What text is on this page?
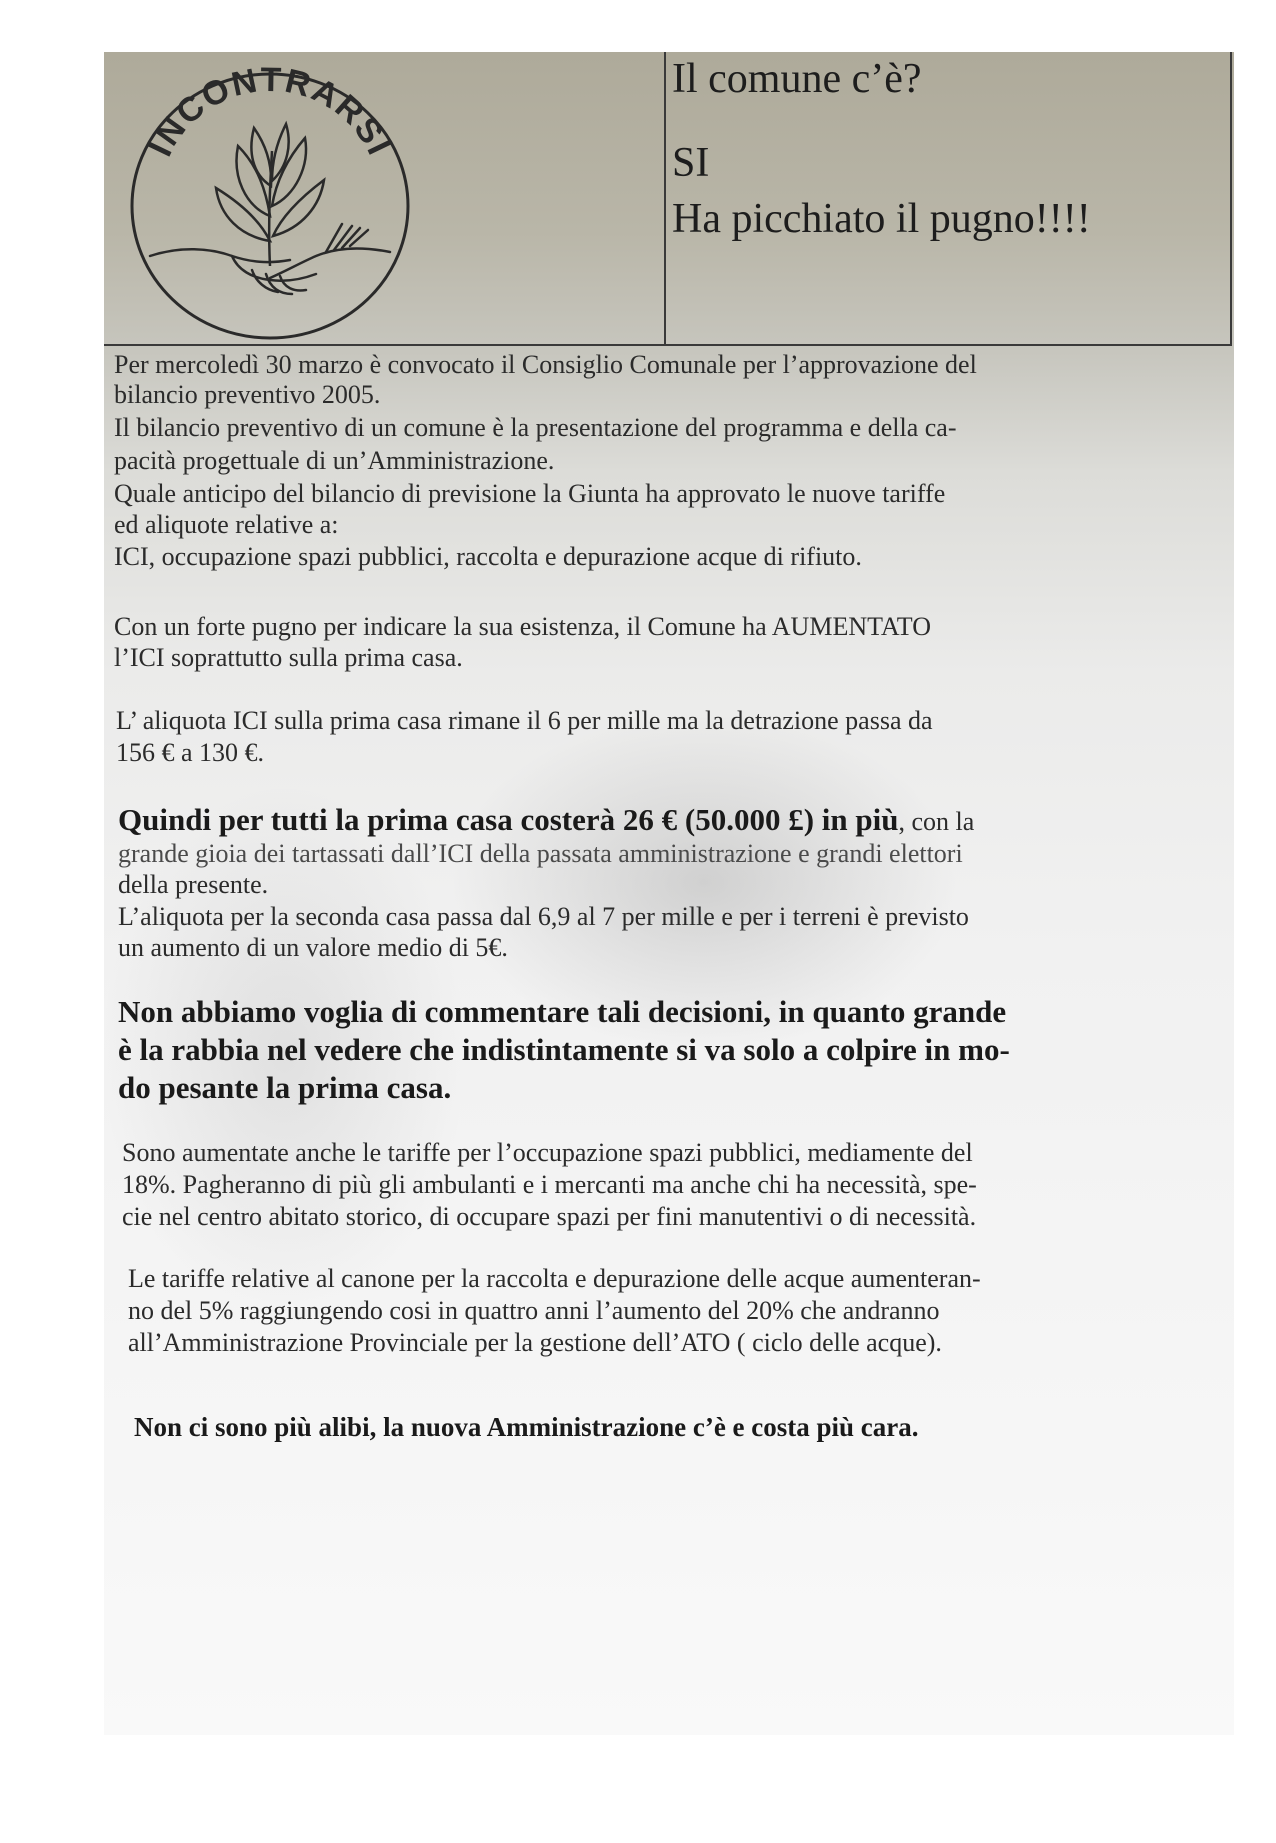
INCONTRARSI
Il comune c’è?
SI
Ha picchiato il pugno!!!!
Per mercoledì 30 marzo è convocato il Consiglio Comunale per l’approvazione del
bilancio preventivo 2005.
Il bilancio preventivo di un comune è la presentazione del programma e della ca-
pacità progettuale di un’Amministrazione.
Quale anticipo del bilancio di previsione la Giunta ha approvato le nuove tariffe
ed aliquote relative a:
ICI, occupazione spazi pubblici, raccolta e depurazione acque di rifiuto.
Con un forte pugno per indicare la sua esistenza, il Comune ha AUMENTATO
l’ICI soprattutto sulla prima casa.
L’ aliquota ICI sulla prima casa rimane il 6 per mille ma la detrazione passa da
156 € a 130 €.
Quindi per tutti la prima casa costerà 26 € (50.000 £) in più, con la
grande gioia dei tartassati dall’ICI della passata amministrazione e grandi elettori
della presente.
L’aliquota per la seconda casa passa dal 6,9 al 7 per mille e per i terreni è previsto
un aumento di un valore medio di 5€.
Non abbiamo voglia di commentare tali decisioni, in quanto grande
è la rabbia nel vedere che indistintamente si va solo a colpire in mo-
do pesante la prima casa.
Sono aumentate anche le tariffe per l’occupazione spazi pubblici, mediamente del
18%. Pagheranno di più gli ambulanti e i mercanti ma anche chi ha necessità, spe-
cie nel centro abitato storico, di occupare spazi per fini manutentivi o di necessità.
Le tariffe relative al canone per la raccolta e depurazione delle acque aumenteran-
no del 5% raggiungendo cosi in quattro anni l’aumento del 20% che andranno
all’Amministrazione Provinciale per la gestione dell’ATO ( ciclo delle acque).
Non ci sono più alibi, la nuova Amministrazione c’è e costa più cara.
